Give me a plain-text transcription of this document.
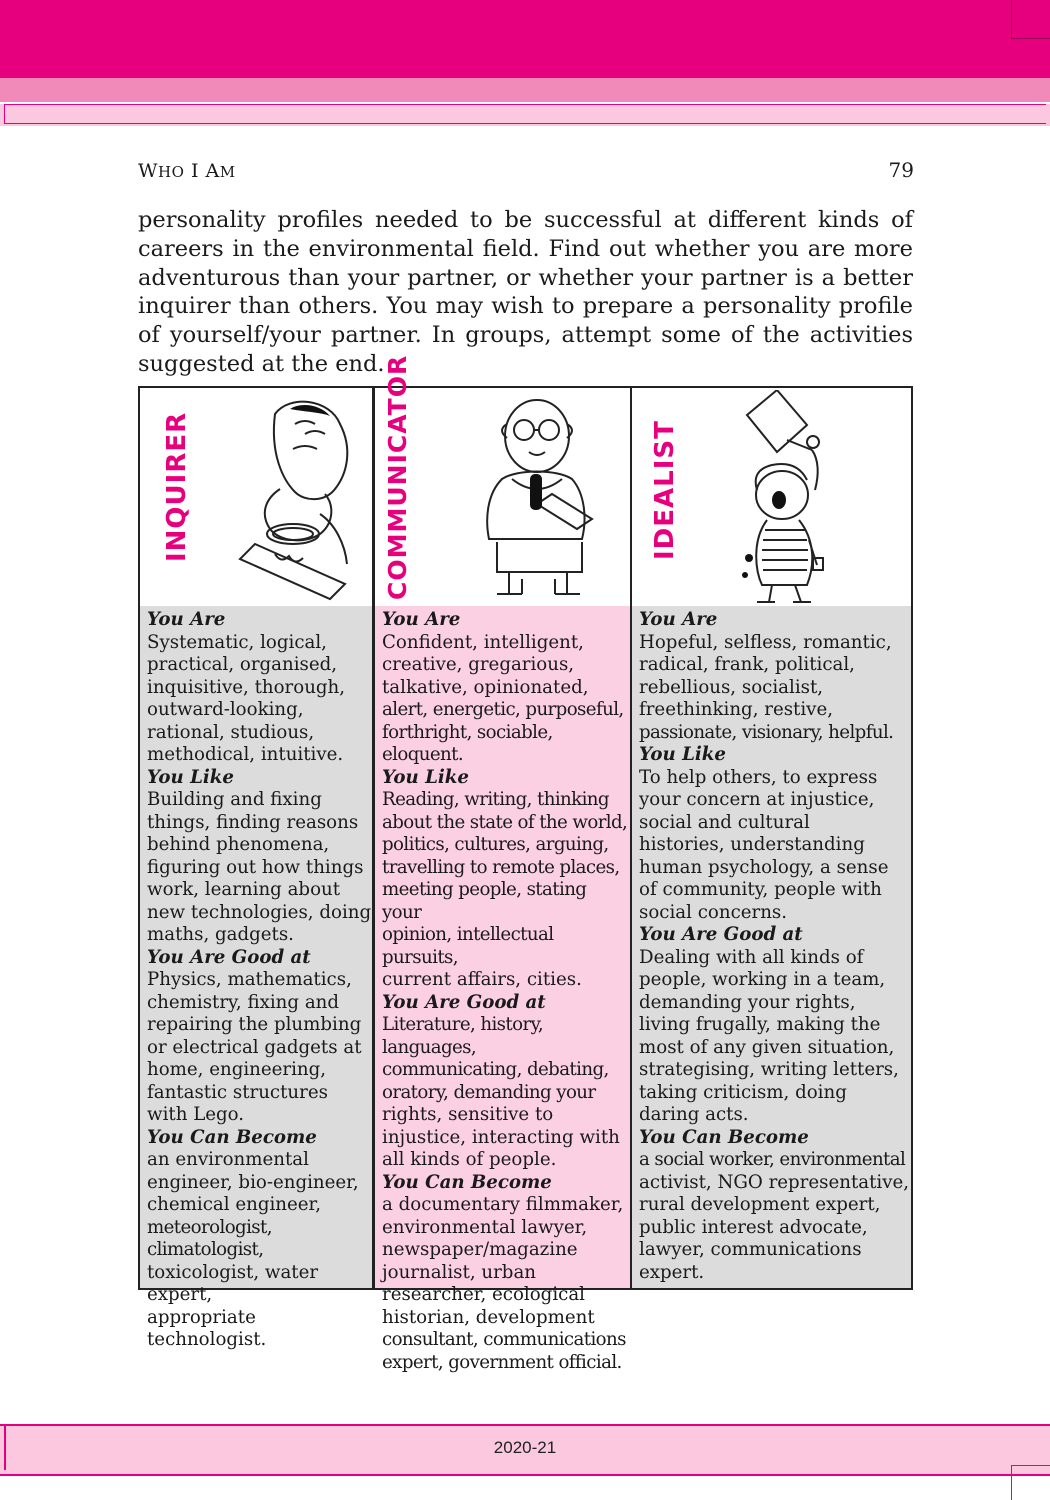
WHO I AM	79
personality profiles needed to be successful at different kinds of careers in the environmental field. Find out whether you are more adventurous than your partner, or whether your partner is a better inquirer than others. You may wish to prepare a personality profile of yourself/your partner. In groups, attempt some of the activities suggested at the end.
INQUIRER
You Are
Systematic, logical,
practical, organised,
inquisitive, thorough,
outward-looking,
rational, studious,
methodical, intuitive.
You Like
Building and fixing
things, finding reasons
behind phenomena,
figuring out how things
work, learning about
new technologies, doing
maths, gadgets.
You Are Good at
Physics, mathematics,
chemistry, fixing and
repairing the plumbing
or electrical gadgets at
home, engineering,
fantastic structures
with Lego.
You Can Become
an environmental
engineer, bio-engineer,
chemical engineer,
meteorologist, climatologist,
toxicologist, water expert,
appropriate technologist.
COMMUNICATOR
You Are
Confident, intelligent,
creative, gregarious,
talkative, opinionated,
alert, energetic, purposeful,
forthright, sociable, eloquent.
You Like
Reading, writing, thinking
about the state of the world,
politics, cultures, arguing,
travelling to remote places,
meeting people, stating your
opinion, intellectual pursuits,
current affairs, cities.
You Are Good at
Literature, history, languages,
communicating, debating,
oratory, demanding your
rights, sensitive to
injustice, interacting with
all kinds of people.
You Can Become
a documentary filmmaker,
environmental lawyer,
newspaper/magazine
journalist, urban
researcher, ecological
historian, development
consultant, communications
expert, government official.
IDEALIST
You Are
Hopeful, selfless, romantic,
radical, frank, political,
rebellious, socialist,
freethinking, restive,
passionate, visionary, helpful.
You Like
To help others, to express
your concern at injustice,
social and cultural
histories, understanding
human psychology, a sense
of community, people with
social concerns.
You Are Good at
Dealing with all kinds of
people, working in a team,
demanding your rights,
living frugally, making the
most of any given situation,
strategising, writing letters,
taking criticism, doing
daring acts.
You Can Become
a social worker, environmental
activist, NGO representative,
rural development expert,
public interest advocate,
lawyer, communications
expert.
2020-21
